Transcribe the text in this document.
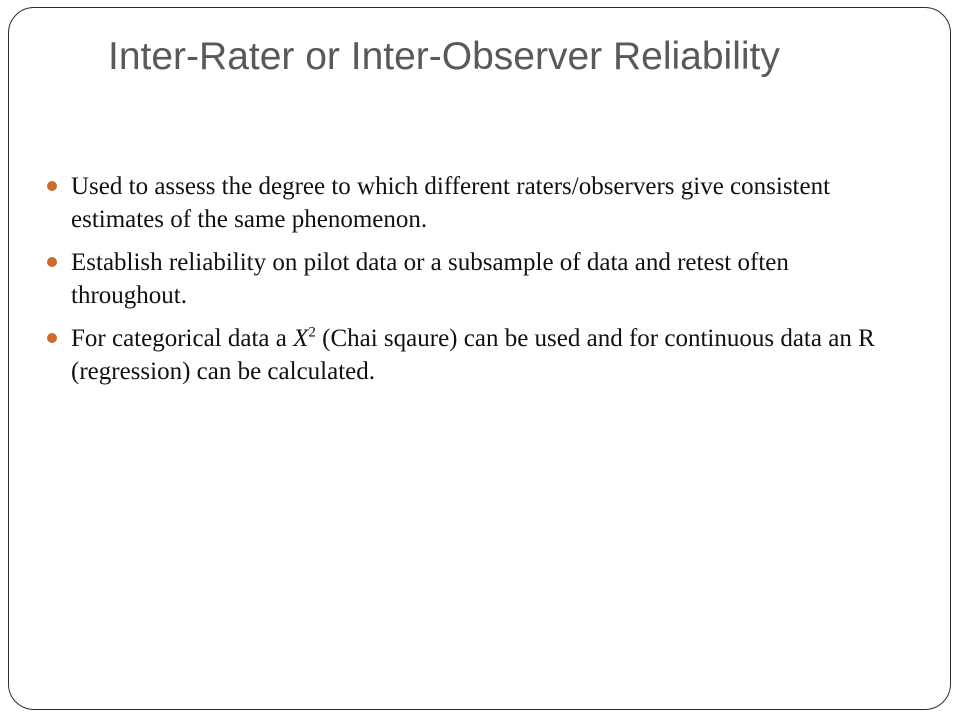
Inter-Rater or Inter-Observer Reliability
Used to assess the degree to which different raters/observers give consistent estimates of the same phenomenon.
Establish reliability on pilot data or a subsample of data and retest often throughout.
For categorical data a $X^2$ (Chai sqaure) can be used and for continuous data an R (regression) can be calculated.
